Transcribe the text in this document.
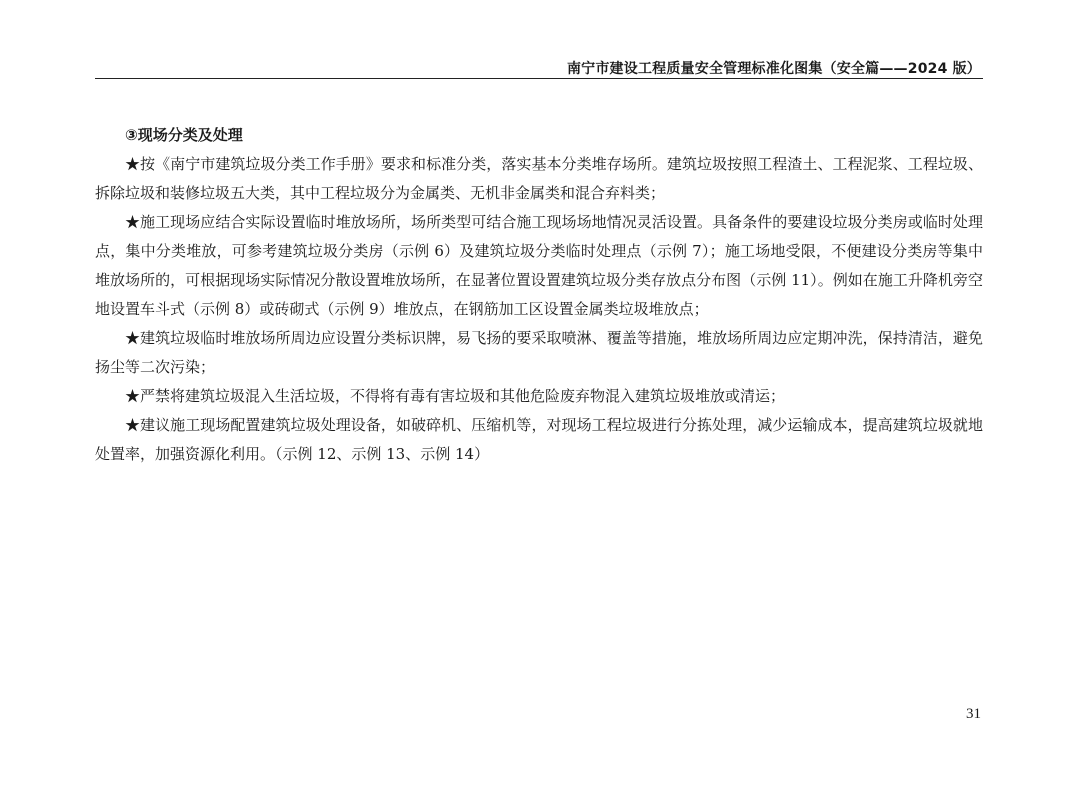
南宁市建设工程质量安全管理标准化图集（安全篇——2024 版）
③现场分类及处理

★按《南宁市建筑垃圾分类工作手册》要求和标准分类，落实基本分类堆存场所。建筑垃圾按照工程渣土、工程泥浆、工程垃圾、拆除垃圾和装修垃圾五大类，其中工程垃圾分为金属类、无机非金属类和混合弃料类；

★施工现场应结合实际设置临时堆放场所，场所类型可结合施工现场场地情况灵活设置。具备条件的要建设垃圾分类房或临时处理点，集中分类堆放，可参考建筑垃圾分类房（示例 6）及建筑垃圾分类临时处理点（示例 7）；施工场地受限，不便建设分类房等集中堆放场所的，可根据现场实际情况分散设置堆放场所，在显著位置设置建筑垃圾分类存放点分布图（示例 11）。例如在施工升降机旁空地设置车斗式（示例 8）或砖砌式（示例 9）堆放点，在钢筋加工区设置金属类垃圾堆放点；

★建筑垃圾临时堆放场所周边应设置分类标识牌，易飞扬的要采取喷淋、覆盖等措施，堆放场所周边应定期冲洗，保持清洁，避免扬尘等二次污染；

★严禁将建筑垃圾混入生活垃圾，不得将有毒有害垃圾和其他危险废弃物混入建筑垃圾堆放或清运；

★建议施工现场配置建筑垃圾处理设备，如破碎机、压缩机等，对现场工程垃圾进行分拣处理，减少运输成本，提高建筑垃圾就地处置率，加强资源化利用。（示例 12、示例 13、示例 14）

31
